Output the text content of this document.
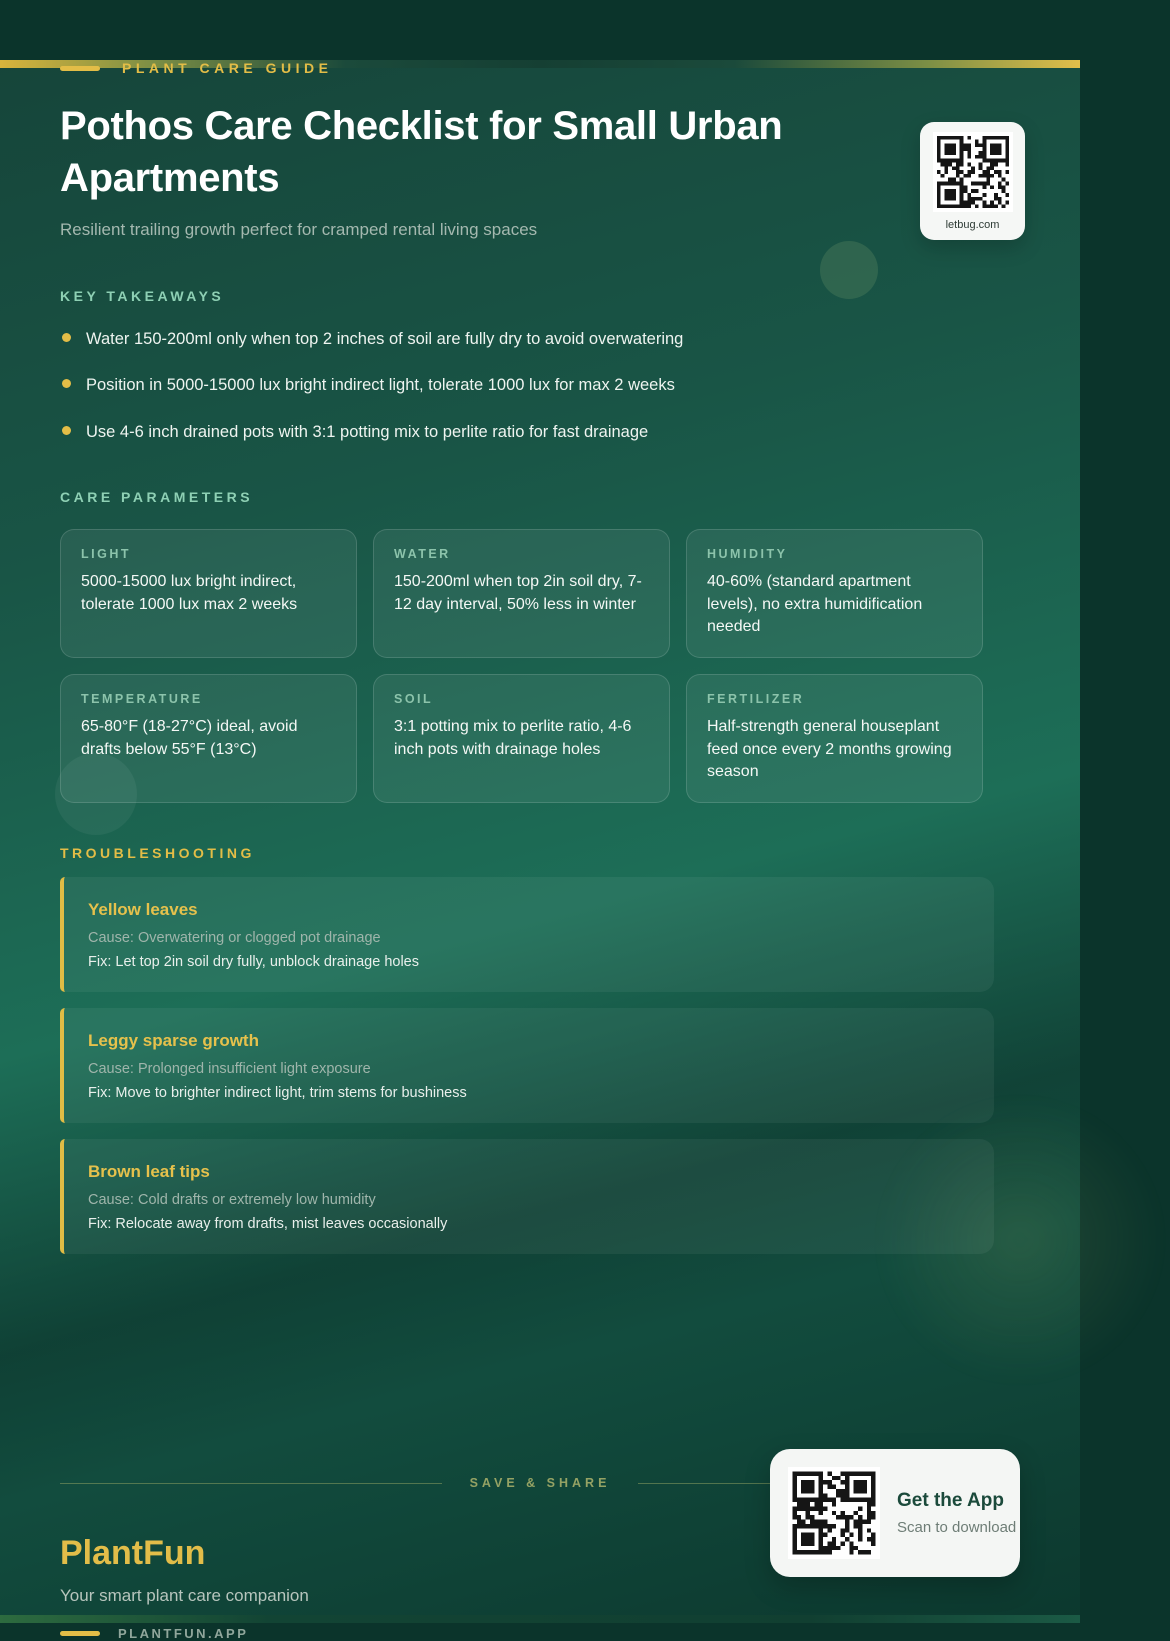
letbug.com
PLANT CARE GUIDE
Pothos Care Checklist for Small Urban Apartments
Resilient trailing growth perfect for cramped rental living spaces
KEY TAKEAWAYS
Water 150-200ml only when top 2 inches of soil are fully dry to avoid overwatering
Position in 5000-15000 lux bright indirect light, tolerate 1000 lux for max 2 weeks
Use 4-6 inch drained pots with 3:1 potting mix to perlite ratio for fast drainage
CARE PARAMETERS
LIGHT
5000-15000 lux bright indirect, tolerate 1000 lux max 2 weeks
WATER
150-200ml when top 2in soil dry, 7-12 day interval, 50% less in winter
HUMIDITY
40-60% (standard apartment levels), no extra humidification needed
TEMPERATURE
65-80°F (18-27°C) ideal, avoid drafts below 55°F (13°C)
SOIL
3:1 potting mix to perlite ratio, 4-6 inch pots with drainage holes
FERTILIZER
Half-strength general houseplant feed once every 2 months growing season
TROUBLESHOOTING
Yellow leaves
Cause: Overwatering or clogged pot drainage
Fix: Let top 2in soil dry fully, unblock drainage holes
Leggy sparse growth
Cause: Prolonged insufficient light exposure
Fix: Move to brighter indirect light, trim stems for bushiness
Brown leaf tips
Cause: Cold drafts or extremely low humidity
Fix: Relocate away from drafts, mist leaves occasionally
SAVE & SHARE
PlantFun
Your smart plant care companion
PLANTFUN.APP
Get the App
Scan to download
